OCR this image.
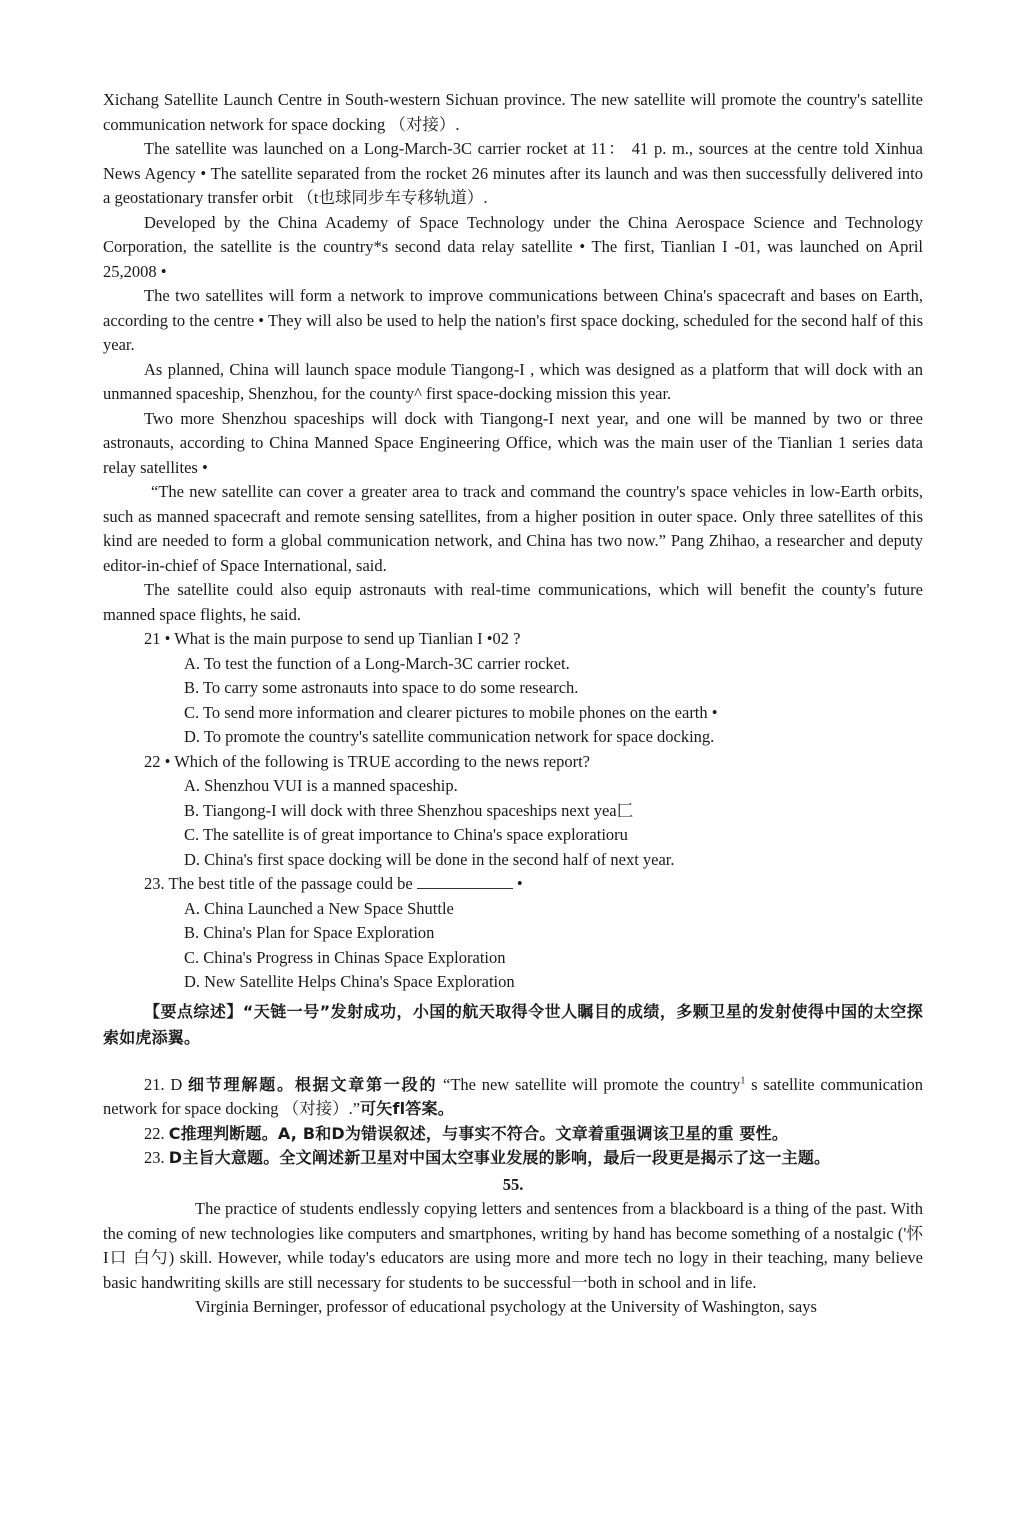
Xichang Satellite Launch Centre in South-western Sichuan province. The new satellite will promote the country's satellite communication network for space docking （对接）.

The satellite was launched on a Long-March-3C carrier rocket at 11： 41 p. m., sources at the centre told Xinhua News Agency • The satellite separated from the rocket 26 minutes after its launch and was then successfully delivered into a geostationary transfer orbit （t也球同步车专移轨道）.

Developed by the China Academy of Space Technology under the China Aerospace Science and Technology Corporation, the satellite is the country*s second data relay satellite • The first, Tianlian I -01, was launched on April 25,2008 •

The two satellites will form a network to improve communications between China's spacecraft and bases on Earth, according to the centre • They will also be used to help the nation's first space docking, scheduled for the second half of this year.

As planned, China will launch space module Tiangong-I , which was designed as a platform that will dock with an unmanned spaceship, Shenzhou, for the county^ first space-docking mission this year.

Two more Shenzhou spaceships will dock with Tiangong-I next year, and one will be manned by two or three astronauts, according to China Manned Space Engineering Office, which was the main user of the Tianlian 1 series data relay satellites •

“The new satellite can cover a greater area to track and command the country's space vehicles in low-Earth orbits, such as manned spacecraft and remote sensing satellites, from a higher position in outer space. Only three satellites of this kind are needed to form a global communication network, and China has two now.” Pang Zhihao, a researcher and deputy editor-in-chief of Space International, said.

The satellite could also equip astronauts with real-time communications, which will benefit the county's future manned space flights, he said.

21 • What is the main purpose to send up Tianlian I •02 ?

A. To test the function of a Long-March-3C carrier rocket.

B. To carry some astronauts into space to do some research.

C. To send more information and clearer pictures to mobile phones on the earth •

D. To promote the country's satellite communication network for space docking.

22 • Which of the following is TRUE according to the news report?

A. Shenzhou VUI is a manned spaceship.

B. Tiangong-I will dock with three Shenzhou spaceships next yea匚

C. The satellite is of great importance to China's space exploratioru

D. China's first space docking will be done in the second half of next year.

23. The best title of the passage could be	•

A. China Launched a New Space Shuttle

B. China's Plan for Space Exploration

C. China's Progress in Chinas Space Exploration

D. New Satellite Helps China's Space Exploration

【要点综述】“天链一号”发射成功，小国的航天取得令世人瞩目的成绩，多颗卫星的发射使得中国的太空探索如虎添翼。

21. D 细节理解题。根据文章第一段的 “The new satellite will promote the country$^1$ s satellite communication network for space docking （对接）.”可矢fl答案。

22. C推理判断题。A, B和D为错误叙述，与事实不符合。文章着重强调该卫星的重 要性。

23. D主旨大意题。全文阐述新卫星对中国太空事业发展的影响，最后一段更是揭示了这一主题。

55.

The practice of students endlessly copying letters and sentences from a blackboard is a thing of the past. With the coming of new technologies like computers and smartphones, writing by hand has become something of a nostalgic ('怀 I口 白勺) skill. However, while today's educators are using more and more tech no logy in their teaching, many believe basic handwriting skills are still necessary for students to be successful一both in school and in life.

Virginia Berninger, professor of educational psychology at the University of Washington, says
